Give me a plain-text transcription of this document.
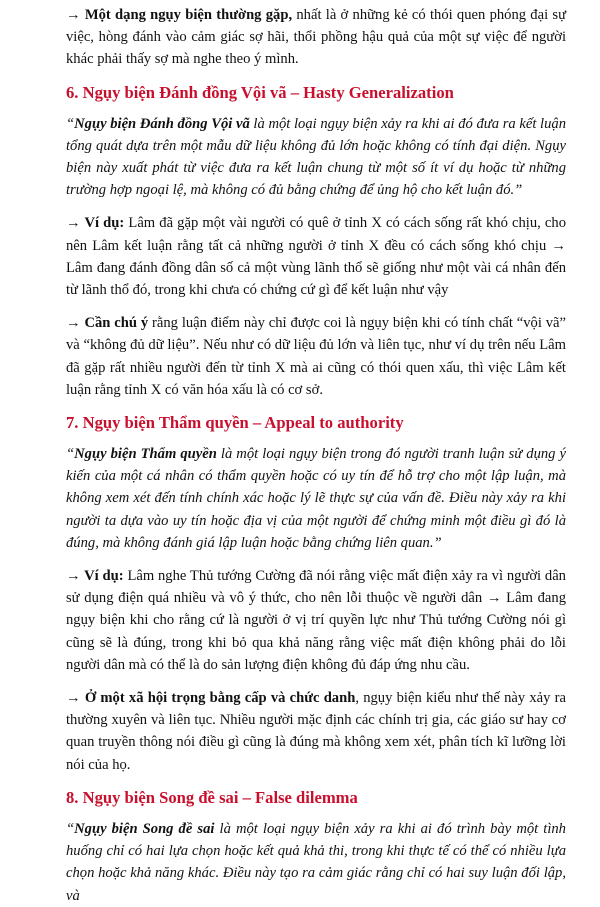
→ Một dạng ngụy biện thường gặp, nhất là ở những kẻ có thói quen phóng đại sự việc, hòng đánh vào cảm giác sợ hãi, thổi phồng hậu quả của một sự việc để người khác phải thấy sợ mà nghe theo ý mình.

6. Ngụy biện Đánh đồng Vội vã – Hasty Generalization

“Ngụy biện Đánh đồng Vội vã là một loại ngụy biện xảy ra khi ai đó đưa ra kết luận tổng quát dựa trên một mẫu dữ liệu không đủ lớn hoặc không có tính đại diện. Ngụy biện này xuất phát từ việc đưa ra kết luận chung từ một số ít ví dụ hoặc từ những trường hợp ngoại lệ, mà không có đủ bằng chứng để ủng hộ cho kết luận đó.”

→ Ví dụ: Lâm đã gặp một vài người có quê ở tỉnh X có cách sống rất khó chịu, cho nên Lâm kết luận rằng tất cả những người ở tỉnh X đều có cách sống khó chịu → Lâm đang đánh đồng dân số cả một vùng lãnh thổ sẽ giống như một vài cá nhân đến từ lãnh thổ đó, trong khi chưa có chứng cứ gì để kết luận như vậy

→ Cần chú ý rằng luận điểm này chỉ được coi là ngụy biện khi có tính chất “vội vã” và “không đủ dữ liệu”. Nếu như có dữ liệu đủ lớn và liên tục, như ví dụ trên nếu Lâm đã gặp rất nhiều người đến từ tỉnh X mà ai cũng có thói quen xấu, thì việc Lâm kết luận rằng tỉnh X có văn hóa xấu là có cơ sở.

7. Ngụy biện Thẩm quyền – Appeal to authority

“Ngụy biện Thẩm quyền là một loại ngụy biện trong đó người tranh luận sử dụng ý kiến của một cá nhân có thẩm quyền hoặc có uy tín để hỗ trợ cho một lập luận, mà không xem xét đến tính chính xác hoặc lý lẽ thực sự của vấn đề. Điều này xảy ra khi người ta dựa vào uy tín hoặc địa vị của một người để chứng minh một điều gì đó là đúng, mà không đánh giá lập luận hoặc bằng chứng liên quan.”

→ Ví dụ: Lâm nghe Thủ tướng Cường đã nói rằng việc mất điện xảy ra vì người dân sử dụng điện quá nhiều và vô ý thức, cho nên lỗi thuộc về người dân → Lâm đang ngụy biện khi cho rằng cứ là người ở vị trí quyền lực như Thủ tướng Cường nói gì cũng sẽ là đúng, trong khi bỏ qua khả năng rằng việc mất điện không phải do lỗi người dân mà có thể là do sản lượng điện không đủ đáp ứng nhu cầu.

→ Ở một xã hội trọng bằng cấp và chức danh, ngụy biện kiểu như thế này xảy ra thường xuyên và liên tục. Nhiều người mặc định các chính trị gia, các giáo sư hay cơ quan truyền thông nói điều gì cũng là đúng mà không xem xét, phân tích kĩ lưỡng lời nói của họ.

8. Ngụy biện Song đề sai – False dilemma

“Ngụy biện Song đề sai là một loại ngụy biện xảy ra khi ai đó trình bày một tình huống chỉ có hai lựa chọn hoặc kết quả khả thi, trong khi thực tế có thể có nhiều lựa chọn hoặc khả năng khác. Điều này tạo ra cảm giác rằng chỉ có hai suy luận đối lập, và
